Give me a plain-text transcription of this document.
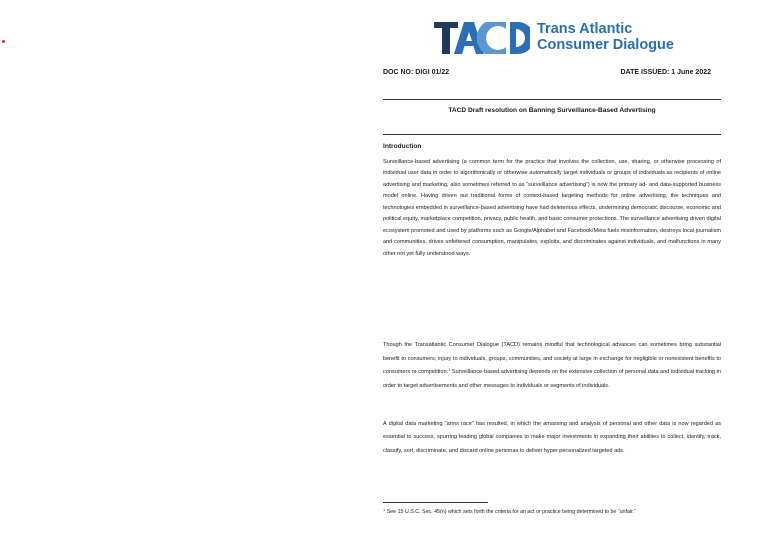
Trans Atlantic
Consumer Dialogue
DOC NO: DIGI 01/22	DATE ISSUED: 1 June 2022
TACD Draft resolution on Banning Surveillance-Based Advertising
Introduction

Surveillance-based advertising (a common term for the practice that involves the collection, use, sharing, or otherwise processing of individual user data in order to algorithmically or otherwise automatically target individuals or groups of individuals as recipients of online advertising and marketing, also sometimes referred to as “surveillance advertising”) is now the primary ad- and data-supported business model online. Having driven out traditional forms of context-based targeting methods for online advertising, the techniques and technologies embedded in surveillance-based advertising have had deleterious effects, undermining democratic discourse, economic and political equity, marketplace competition, privacy, public health, and basic consumer protections. The surveillance advertising driven digital ecosystem promoted and used by platforms such as Google/Alphabet and Facebook/Meta fuels misinformation, destroys local journalism and communities, drives unfettered consumption, manipulates, exploits, and discriminates against individuals, and malfunctions in many other not yet fully understood ways.

Though the Transatlantic Consumer Dialogue (TACD) remains mindful that technological advances can sometimes bring substantial benefit to consumers, injury to individuals, groups, communities, and society at large in exchange for negligible or nonexistent benefits to consumers or competition.$^1$ Surveillance-based advertising depends on the extensive collection of personal data and individual tracking in order to target advertisements and other messages to individuals or segments of individuals.

A digital data marketing “arms race” has resulted, in which the amassing and analysis of personal and other data is now regarded as essential to success, spurring leading global companies to make major investments in expanding their abilities to collect, identify, track, classify, sort, discriminate, and discard online personas to deliver hyper personalized targeted ads.

$^1$ See 15 U.S.C. Sec. 45(n) which sets forth the criteria for an act or practice being determined to be “unfair.”
